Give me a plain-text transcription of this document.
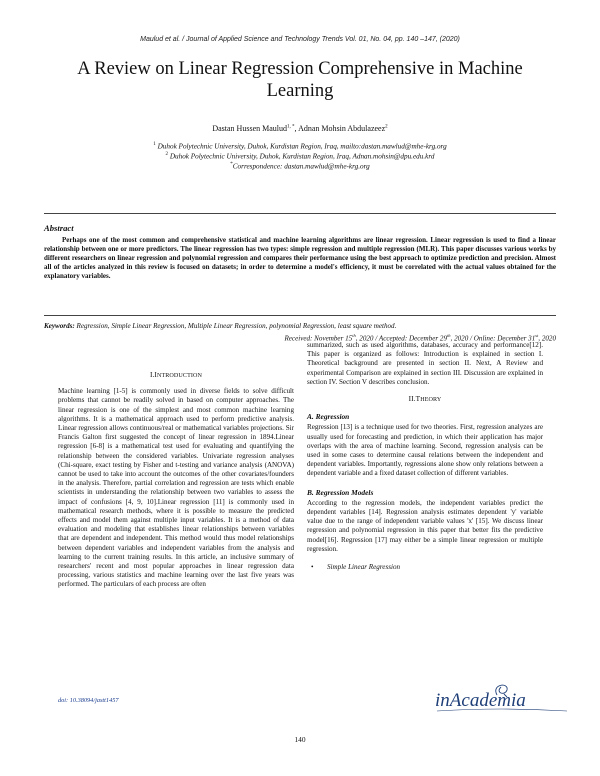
Maulud et al. / Journal of Applied Science and Technology Trends Vol. 01, No. 04, pp. 140 –147, (2020)
A Review on Linear Regression Comprehensive in Machine Learning
Dastan Hussen Maulud$^{1, *}$, Adnan Mohsin Abdulazeez$^2$
$^1$ Duhok Polytechnic University, Duhok, Kurdistan Region, Iraq, mailto:dastan.mawlud@mhe-krg.org
$^2$ Duhok Polytechnic University, Duhok, Kurdistan Region, Iraq, Adnan.mohsin@dpu.edu.krd
*Correspondence: dastan.mawlud@mhe-krg.org
Abstract
Perhaps one of the most common and comprehensive statistical and machine learning algorithms are linear regression. Linear regression is used to find a linear relationship between one or more predictors. The linear regression has two types: simple regression and multiple regression (MLR). This paper discusses various works by different researchers on linear regression and polynomial regression and compares their performance using the best approach to optimize prediction and precision. Almost all of the articles analyzed in this review is focused on datasets; in order to determine a model's efficiency, it must be correlated with the actual values obtained for the explanatory variables.
Keywords: Regression, Simple Linear Regression, Multiple Linear Regression, polynomial Regression, least square method.
Received: November 15th, 2020 / Accepted: December 29th, 2020 / Online: December 31st, 2020
I.INTRODUCTION

Machine learning [1-5] is commonly used in diverse fields to solve difficult problems that cannot be readily solved in based on computer approaches. The linear regression is one of the simplest and most common machine learning algorithms. It is a mathematical approach used to perform predictive analysis. Linear regression allows continuous/real or mathematical variables projections. Sir Francis Galton first suggested the concept of linear regression in 1894.Linear regression [6-8] is a mathematical test used for evaluating and quantifying the relationship between the considered variables. Univariate regression analyses (Chi-square, exact testing by Fisher and t-testing and variance analysis (ANOVA) cannot be used to take into account the outcomes of the other covariates/founders in the analysis. Therefore, partial correlation and regression are tests which enable scientists in understanding the relationship between two variables to assess the impact of confusions [4, 9, 10].Linear regression [11] is commonly used in mathematical research methods, where it is possible to measure the predicted effects and model them against multiple input variables. It is a method of data evaluation and modeling that establishes linear relationships between variables that are dependent and independent. This method would thus model relationships between dependent variables and independent variables from the analysis and learning to the current training results. In this article, an inclusive summary of researchers' recent and most popular approaches in linear regression data processing, various statistics and machine learning over the last five years was performed. The particulars of each process are often

summarized, such as used algorithms, databases, accuracy and performance[12]. This paper is organized as follows: Introduction is explained in section I. Theoretical background are presented in section II. Next, A Review and experimental Comparison are explained in section III. Discussion are explained in section IV. Section V describes conclusion.

II.THEORY
A. Regression

Regression [13] is a technique used for two theories. First, regression analyzes are usually used for forecasting and prediction, in which their application has major overlaps with the area of machine learning. Second, regression analysis can be used in some cases to determine causal relations between the independent and dependent variables. Importantly, regressions alone show only relations between a dependent variable and a fixed dataset collection of different variables.

B. Regression Models

According to the regression models, the independent variables predict the dependent variables [14]. Regression analysis estimates dependent 'y' variable value due to the range of independent variable values 'x' [15]. We discuss linear regression and polynomial regression in this paper that better fits the predictive model[16]. Regression [17] may either be a simple linear regression or multiple regression.

• Simple Linear Regression
doi: 10.38094/jastt1457	inAcademia
140
